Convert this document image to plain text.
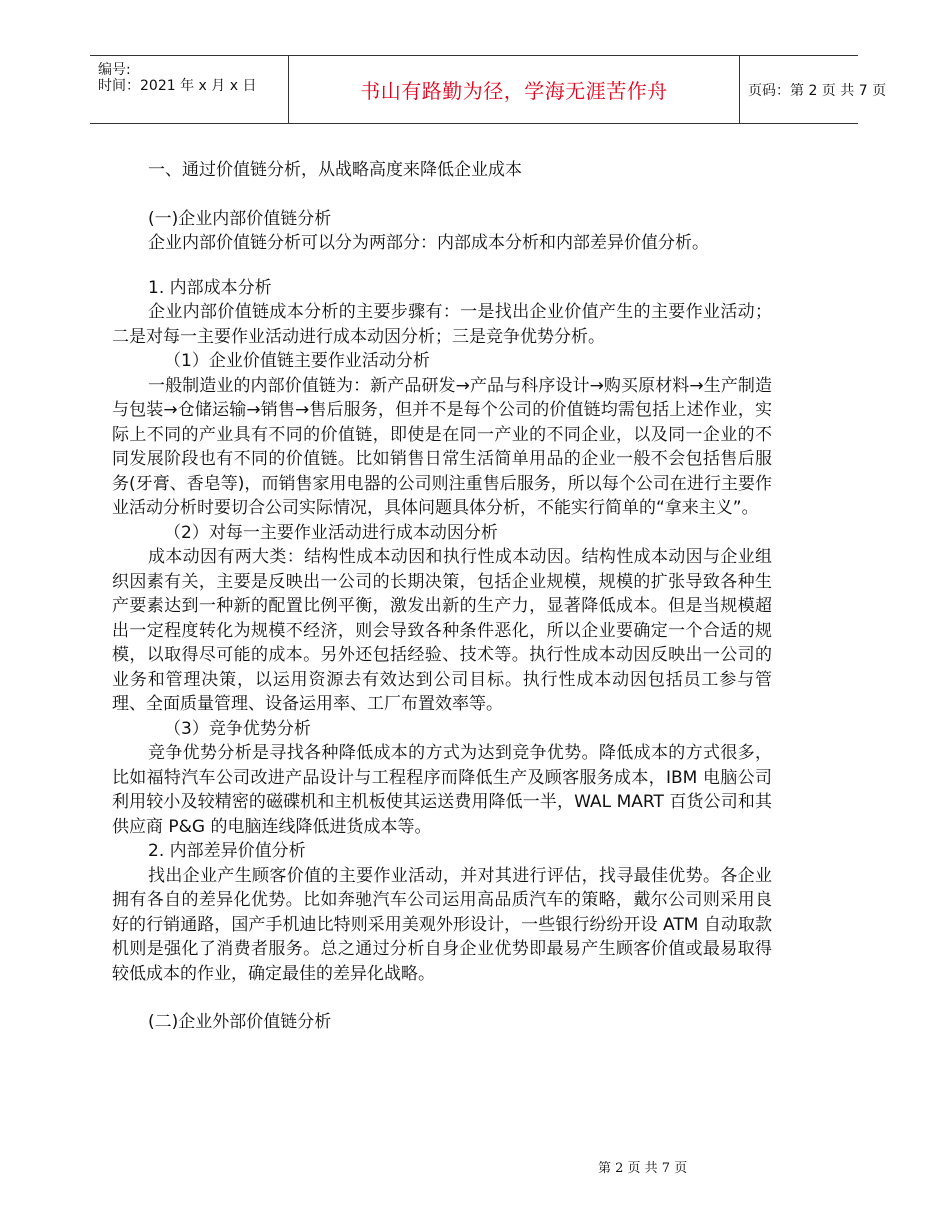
编号:
时间：2021 年 x 月 x 日	书山有路勤为径，学海无涯苦作舟	页码：第 2 页 共 7 页

一、通过价值链分析，从战略高度来降低企业成本

(一)企业内部价值链分析

企业内部价值链分析可以分为两部分：内部成本分析和内部差异价值分析。

1. 内部成本分析

企业内部价值链成本分析的主要步骤有：一是找出企业价值产生的主要作业活动；二是对每一主要作业活动进行成本动因分析；三是竞争优势分析。

（1）企业价值链主要作业活动分析

一般制造业的内部价值链为：新产品研发→产品与科序设计→购买原材料→生产制造与包装→仓储运输→销售→售后服务，但并不是每个公司的价值链均需包括上述作业，实际上不同的产业具有不同的价值链，即使是在同一产业的不同企业，以及同一企业的不同发展阶段也有不同的价值链。比如销售日常生活简单用品的企业一般不会包括售后服务(牙膏、香皂等)，而销售家用电器的公司则注重售后服务，所以每个公司在进行主要作业活动分析时要切合公司实际情况，具体问题具体分析，不能实行简单的“拿来主义”。

（2）对每一主要作业活动进行成本动因分析

成本动因有两大类：结构性成本动因和执行性成本动因。结构性成本动因与企业组织因素有关，主要是反映出一公司的长期决策，包括企业规模，规模的扩张导致各种生产要素达到一种新的配置比例平衡，激发出新的生产力，显著降低成本。但是当规模超出一定程度转化为规模不经济，则会导致各种条件恶化，所以企业要确定一个合适的规模，以取得尽可能的成本。另外还包括经验、技术等。执行性成本动因反映出一公司的业务和管理决策，以运用资源去有效达到公司目标。执行性成本动因包括员工参与管理、全面质量管理、设备运用率、工厂布置效率等。

（3）竞争优势分析

竞争优势分析是寻找各种降低成本的方式为达到竞争优势。降低成本的方式很多，比如福特汽车公司改进产品设计与工程程序而降低生产及顾客服务成本，IBM 电脑公司利用较小及较精密的磁碟机和主机板使其运送费用降低一半，WAL MART 百货公司和其供应商 P&G 的电脑连线降低进货成本等。

2. 内部差异价值分析

找出企业产生顾客价值的主要作业活动，并对其进行评估，找寻最佳优势。各企业拥有各自的差异化优势。比如奔驰汽车公司运用高品质汽车的策略，戴尔公司则采用良好的行销通路，国产手机迪比特则采用美观外形设计，一些银行纷纷开设 ATM 自动取款机则是强化了消费者服务。总之通过分析自身企业优势即最易产生顾客价值或最易取得较低成本的作业，确定最佳的差异化战略。

(二)企业外部价值链分析

第 2 页 共 7 页
